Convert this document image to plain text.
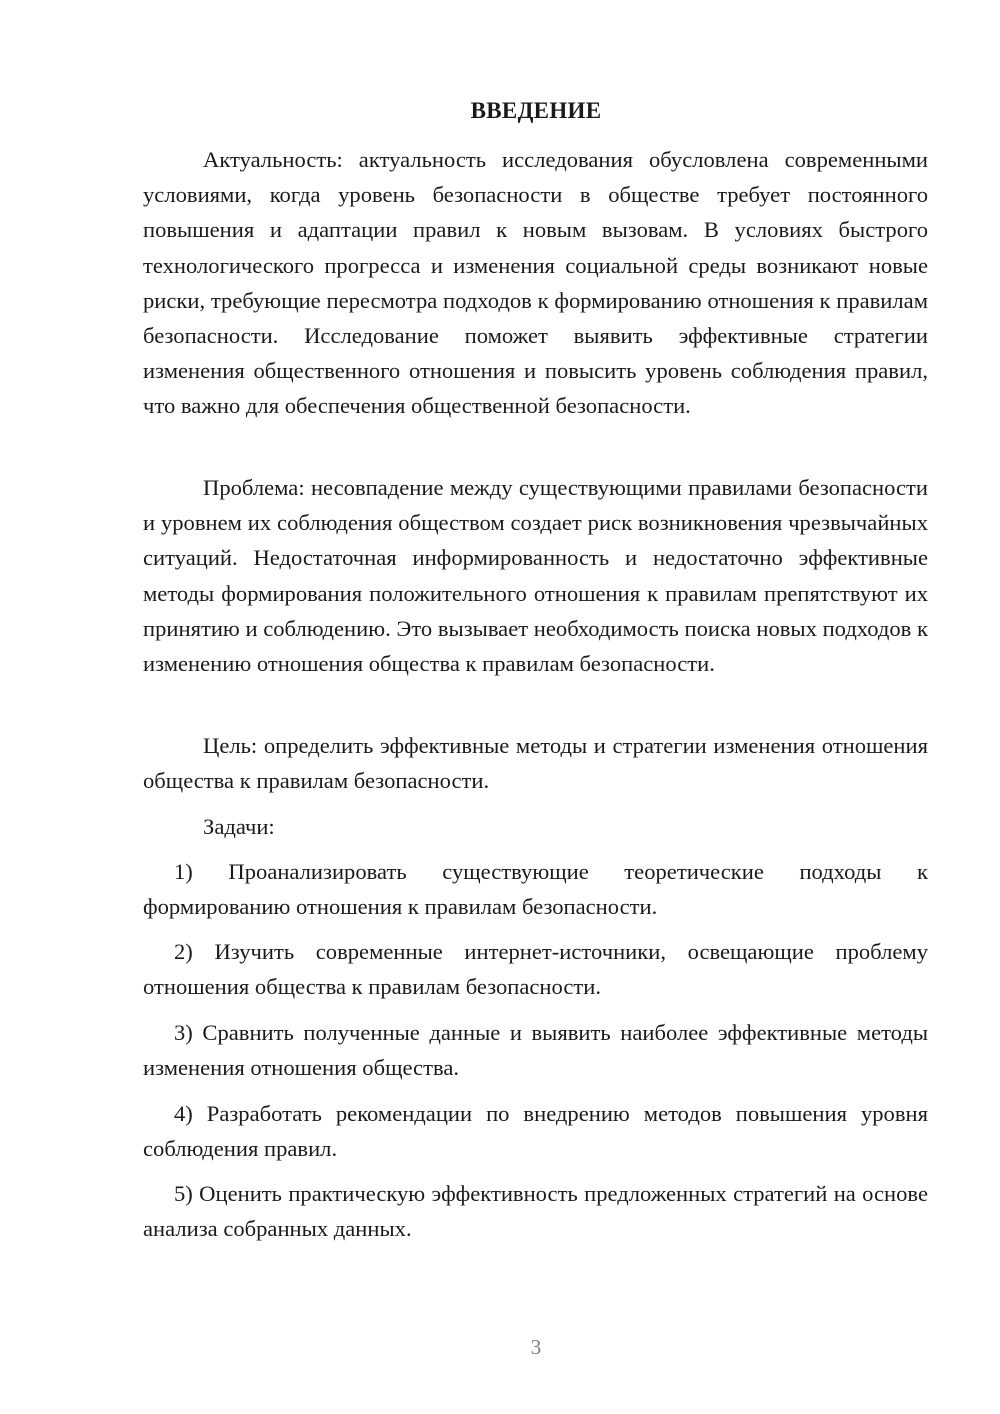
ВВЕДЕНИЕ

Актуальность: актуальность исследования обусловлена современными условиями, когда уровень безопасности в обществе требует постоянного повышения и адаптации правил к новым вызовам. В условиях быстрого технологического прогресса и изменения социальной среды возникают новые риски, требующие пересмотра подходов к формированию отношения к правилам безопасности. Исследование поможет выявить эффективные стратегии изменения общественного отношения и повысить уровень соблюдения правил, что важно для обеспечения общественной безопасности.

Проблема: несовпадение между существующими правилами безопасности и уровнем их соблюдения обществом создает риск возникновения чрезвычайных ситуаций. Недостаточная информированность и недостаточно эффективные методы формирования положительного отношения к правилам препятствуют их принятию и соблюдению. Это вызывает необходимость поиска новых подходов к изменению отношения общества к правилам безопасности.

Цель: определить эффективные методы и стратегии изменения отношения общества к правилам безопасности.

Задачи:

1) Проанализировать существующие теоретические подходы к формированию отношения к правилам безопасности.

2) Изучить современные интернет-источники, освещающие проблему отношения общества к правилам безопасности.

3) Сравнить полученные данные и выявить наиболее эффективные методы изменения отношения общества.

4) Разработать рекомендации по внедрению методов повышения уровня соблюдения правил.

5) Оценить практическую эффективность предложенных стратегий на основе анализа собранных данных.

3
